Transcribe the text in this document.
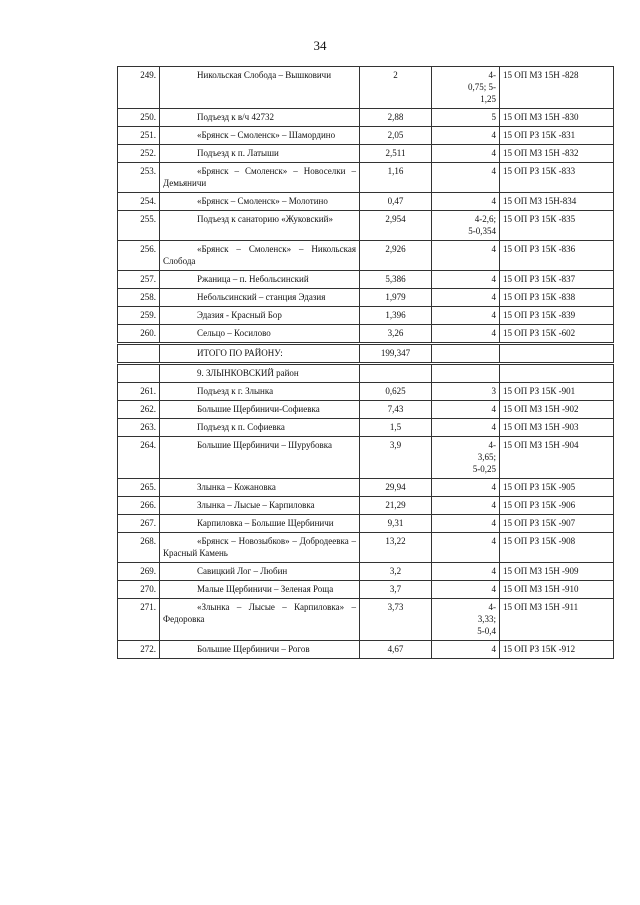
34
249.	Никольская Слобода – Вышковичи	2	4-
0,75; 5-
1,25	15 ОП МЗ 15Н -828
250.	Подъезд к в/ч 42732	2,88	5	15 ОП МЗ 15Н -830
251.	«Брянск – Смоленск» – Шамордино	2,05	4	15 ОП РЗ 15К -831
252.	Подъезд к п. Латыши	2,511	4	15 ОП МЗ 15Н -832
253.	«Брянск – Смоленск» – Новоселки – Демьяничи	1,16	4	15 ОП РЗ 15К -833
254.	«Брянск – Смоленск» – Молотино	0,47	4	15 ОП МЗ 15Н-834
255.	Подъезд к санаторию «Жуковский»	2,954	4-2,6;
5-0,354	15 ОП РЗ 15К -835
256.	«Брянск – Смоленск» – Никольская Слобода	2,926	4	15 ОП РЗ 15К -836
257.	Ржаница – п. Небольсинский	5,386	4	15 ОП РЗ 15К -837
258.	Небольсинский – станция Эдазия	1,979	4	15 ОП РЗ 15К -838
259.	Эдазия - Красный Бор	1,396	4	15 ОП РЗ 15К -839
260.	Сельцо – Косилово	3,26	4	15 ОП РЗ 15К -602
	ИТОГО ПО РАЙОНУ:	199,347		
	9. ЗЛЫНКОВСКИЙ район			
261.	Подъезд к г. Злынка	0,625	3	15 ОП РЗ 15К -901
262.	Большие Щербиничи-Софиевка	7,43	4	15 ОП МЗ 15Н -902
263.	Подъезд к п. Софиевка	1,5	4	15 ОП МЗ 15Н -903
264.	Большие Щербиничи – Шурубовка	3,9	4-
3,65;
5-0,25	15 ОП МЗ 15Н -904
265.	Злынка – Кожановка	29,94	4	15 ОП РЗ 15К -905
266.	Злынка – Лысые – Карпиловка	21,29	4	15 ОП РЗ 15К -906
267.	Карпиловка – Большие Щербиничи	9,31	4	15 ОП РЗ 15К -907
268.	«Брянск – Новозыбков» – Добродеевка – Красный Камень	13,22	4	15 ОП РЗ 15К -908
269.	Савицкий Лог – Любин	3,2	4	15 ОП МЗ 15Н -909
270.	Малые Щербиничи – Зеленая Роща	3,7	4	15 ОП МЗ 15Н -910
271.	«Злынка – Лысые – Карпиловка» – Федоровка	3,73	4-
3,33;
5-0,4	15 ОП МЗ 15Н -911
272.	Большие Щербиничи – Рогов	4,67	4	15 ОП РЗ 15К -912
